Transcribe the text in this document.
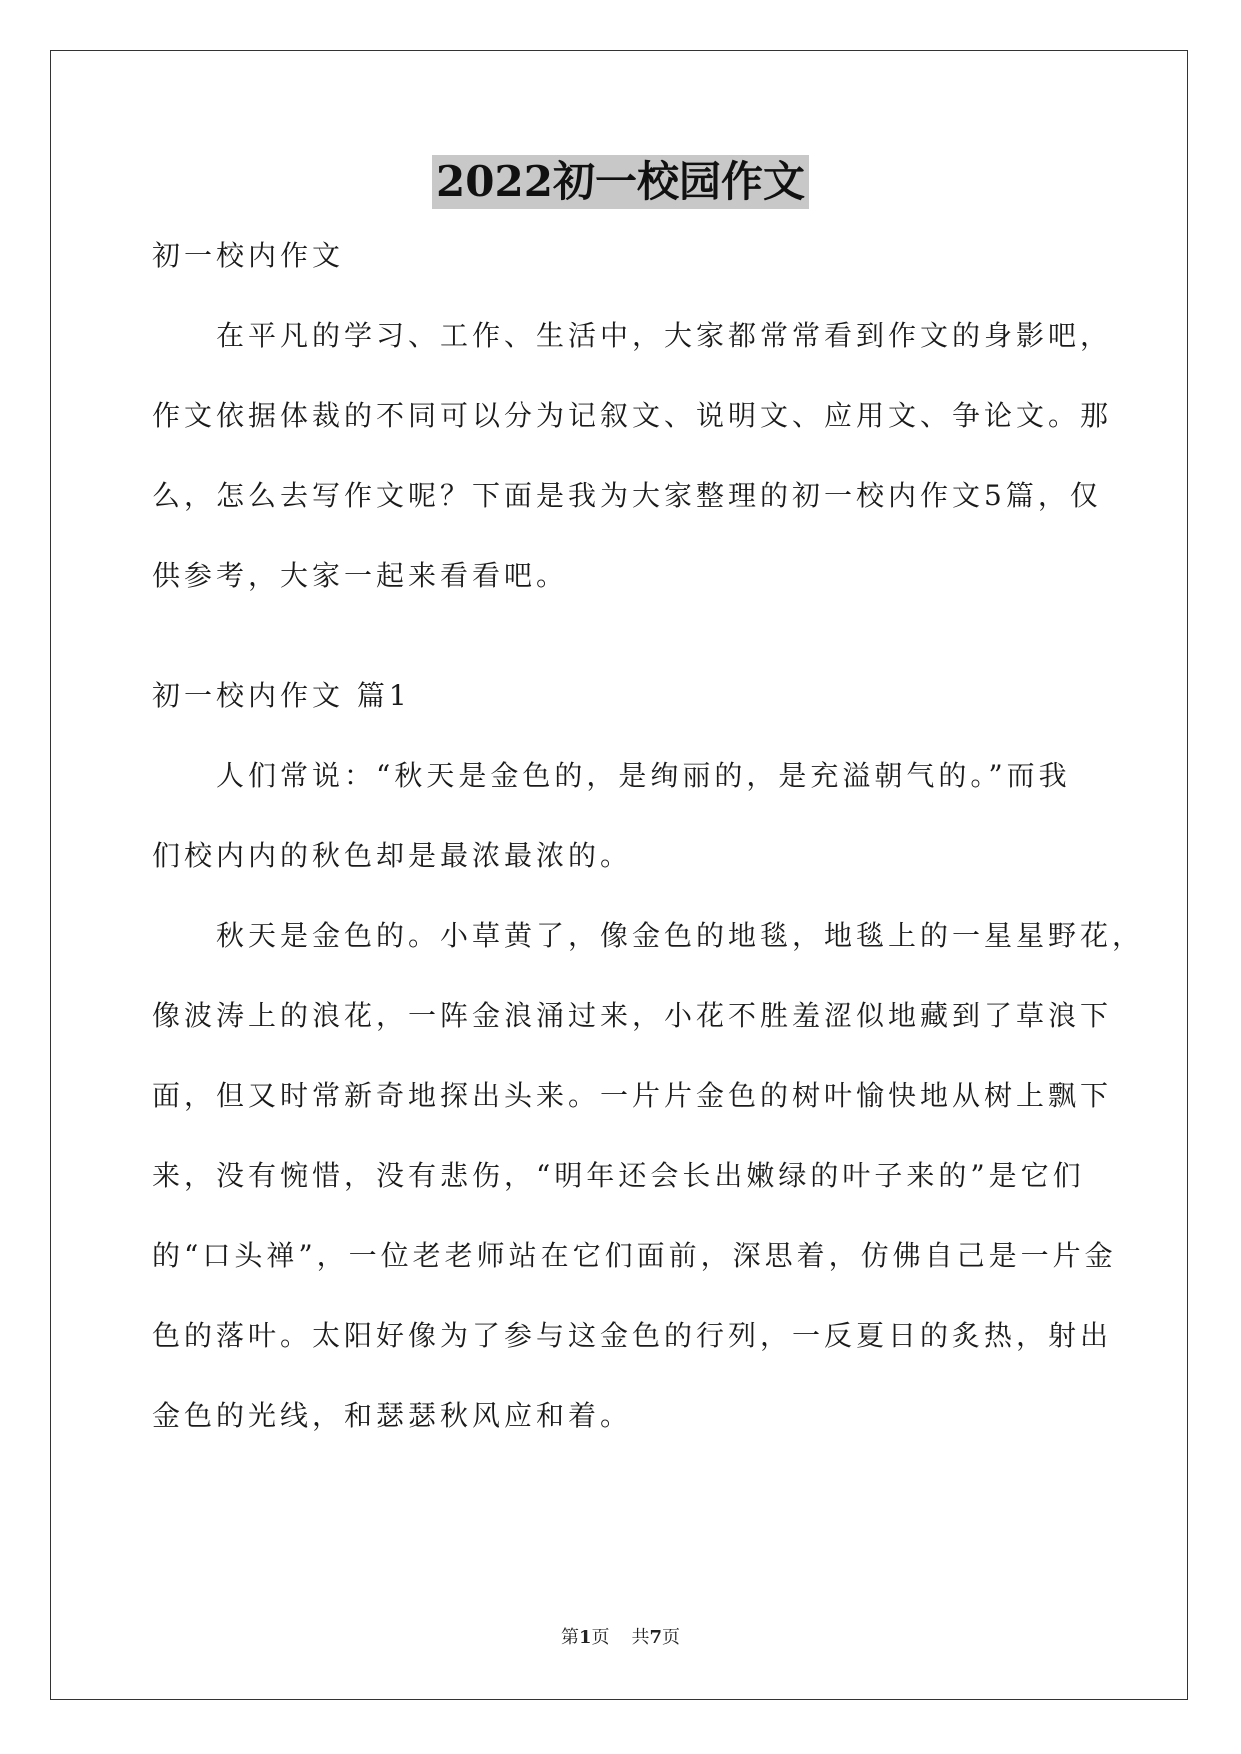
2022初一校园作文
初一校内作文
在平凡的学习、工作、生活中，大家都常常看到作文的身影吧，
作文依据体裁的不同可以分为记叙文、说明文、应用文、争论文。那
么，怎么去写作文呢？下面是我为大家整理的初一校内作文5篇，仅
供参考，大家一起来看看吧。
初一校内作文 篇1
人们常说：“秋天是金色的，是绚丽的，是充溢朝气的。”而我
们校内内的秋色却是最浓最浓的。
秋天是金色的。小草黄了，像金色的地毯，地毯上的一星星野花，
像波涛上的浪花，一阵金浪涌过来，小花不胜羞涩似地藏到了草浪下
面，但又时常新奇地探出头来。一片片金色的树叶愉快地从树上飘下
来，没有惋惜，没有悲伤，“明年还会长出嫩绿的叶子来的”是它们
的“口头禅”，一位老老师站在它们面前，深思着，仿佛自己是一片金
色的落叶。太阳好像为了参与这金色的行列，一反夏日的炙热，射出
金色的光线，和瑟瑟秋风应和着。
第1页 共7页
